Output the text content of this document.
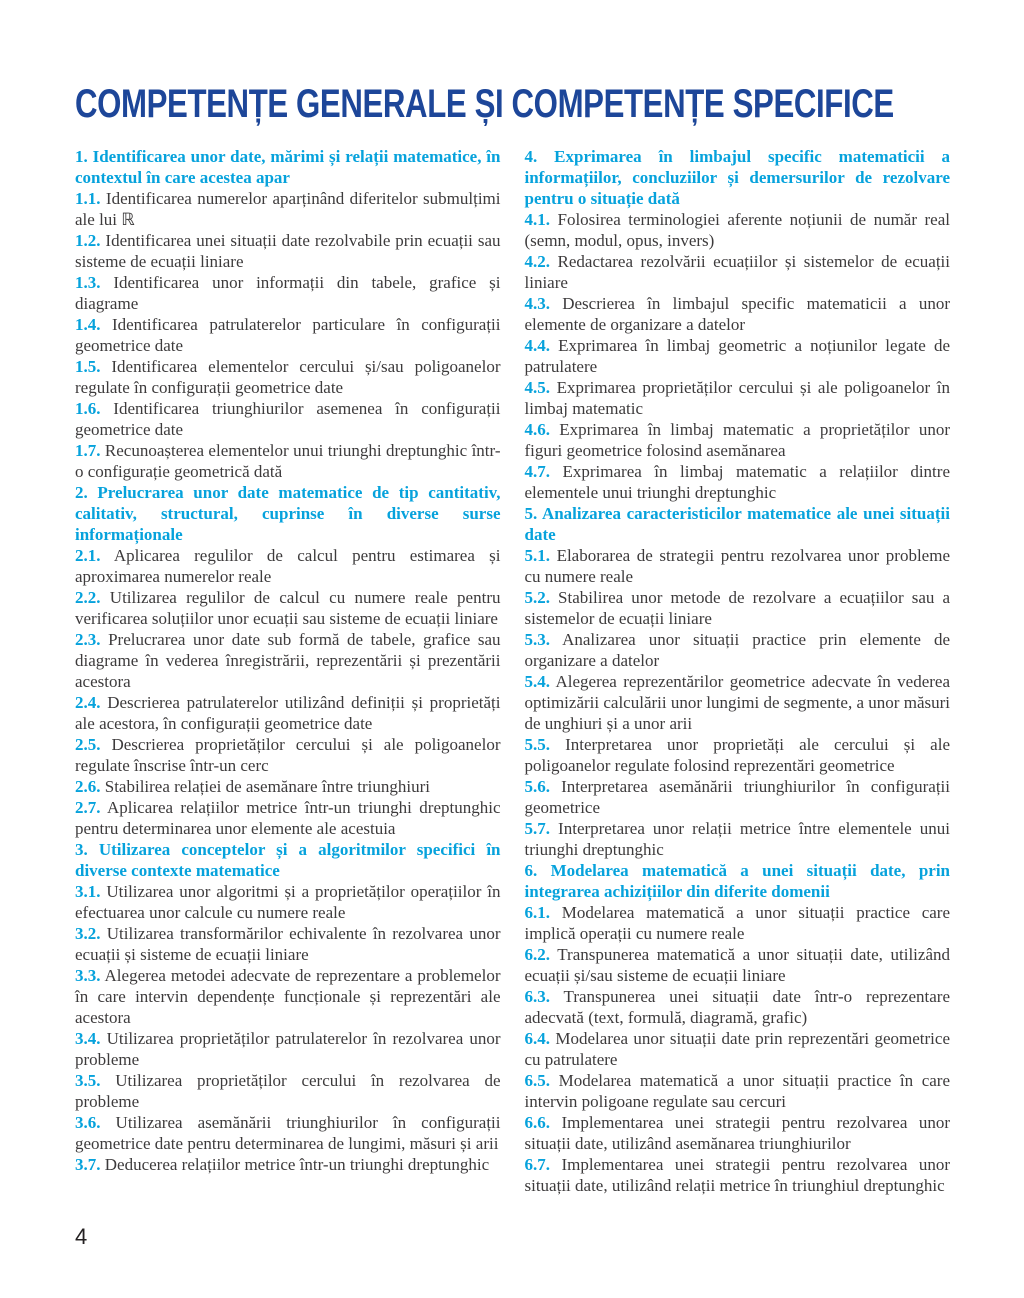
COMPETENȚE GENERALE ȘI COMPETENȚE SPECIFICE

1. Identificarea unor date, mărimi și relații matematice, în contextul în care acestea apar

1.1. Identificarea numerelor aparținând diferitelor submulțimi ale lui ℝ

1.2. Identificarea unei situații date rezolvabile prin ecuații sau sisteme de ecuații liniare

1.3. Identificarea unor informații din tabele, grafice și diagrame

1.4. Identificarea patrulaterelor particulare în configurații geometrice date

1.5. Identificarea elementelor cercului și/sau poligoanelor regulate în configurații geometrice date

1.6. Identificarea triunghiurilor asemenea în configurații geometrice date

1.7. Recunoașterea elementelor unui triunghi dreptunghic într-o configurație geometrică dată

2. Prelucrarea unor date matematice de tip cantitativ, calitativ, structural, cuprinse în diverse surse informaționale

2.1. Aplicarea regulilor de calcul pentru estimarea și aproximarea numerelor reale

2.2. Utilizarea regulilor de calcul cu numere reale pentru verificarea soluțiilor unor ecuații sau sisteme de ecuații liniare

2.3. Prelucrarea unor date sub formă de tabele, grafice sau diagrame în vederea înregistrării, reprezentării și prezentării acestora

2.4. Descrierea patrulaterelor utilizând definiții și proprietăți ale acestora, în configurații geometrice date

2.5. Descrierea proprietăților cercului și ale poligoanelor regulate înscrise într-un cerc

2.6. Stabilirea relației de asemănare între triunghiuri

2.7. Aplicarea relațiilor metrice într-un triunghi dreptunghic pentru determinarea unor elemente ale acestuia

3. Utilizarea conceptelor și a algoritmilor specifici în diverse contexte matematice

3.1. Utilizarea unor algoritmi și a proprietăților operațiilor în efectuarea unor calcule cu numere reale

3.2. Utilizarea transformărilor echivalente în rezolvarea unor ecuații și sisteme de ecuații liniare

3.3. Alegerea metodei adecvate de reprezentare a problemelor în care intervin dependențe funcționale și reprezentări ale acestora

3.4. Utilizarea proprietăților patrulaterelor în rezolvarea unor probleme

3.5. Utilizarea proprietăților cercului în rezolvarea de probleme

3.6. Utilizarea asemănării triunghiurilor în configurații geometrice date pentru determinarea de lungimi, măsuri și arii

3.7. Deducerea relațiilor metrice într-un triunghi dreptunghic

4. Exprimarea în limbajul specific matematicii a informațiilor, concluziilor și demersurilor de rezolvare pentru o situație dată

4.1. Folosirea terminologiei aferente noțiunii de număr real (semn, modul, opus, invers)

4.2. Redactarea rezolvării ecuațiilor și sistemelor de ecuații liniare

4.3. Descrierea în limbajul specific matematicii a unor elemente de organizare a datelor

4.4. Exprimarea în limbaj geometric a noțiunilor legate de patrulatere

4.5. Exprimarea proprietăților cercului și ale poligoanelor în limbaj matematic

4.6. Exprimarea în limbaj matematic a proprietăților unor figuri geometrice folosind asemănarea

4.7. Exprimarea în limbaj matematic a relațiilor dintre elementele unui triunghi dreptunghic

5. Analizarea caracteristicilor matematice ale unei situații date

5.1. Elaborarea de strategii pentru rezolvarea unor probleme cu numere reale

5.2. Stabilirea unor metode de rezolvare a ecuațiilor sau a sistemelor de ecuații liniare

5.3. Analizarea unor situații practice prin elemente de organizare a datelor

5.4. Alegerea reprezentărilor geometrice adecvate în vederea optimizării calculării unor lungimi de segmente, a unor măsuri de unghiuri și a unor arii

5.5. Interpretarea unor proprietăți ale cercului și ale poligoanelor regulate folosind reprezentări geometrice

5.6. Interpretarea asemănării triunghiurilor în configurații geometrice

5.7. Interpretarea unor relații metrice între elementele unui triunghi dreptunghic

6. Modelarea matematică a unei situații date, prin integrarea achizițiilor din diferite domenii

6.1. Modelarea matematică a unor situații practice care implică operații cu numere reale

6.2. Transpunerea matematică a unor situații date, utilizând ecuații și/sau sisteme de ecuații liniare

6.3. Transpunerea unei situații date într-o reprezentare adecvată (text, formulă, diagramă, grafic)

6.4. Modelarea unor situații date prin reprezentări geometrice cu patrulatere

6.5. Modelarea matematică a unor situații practice în care intervin poligoane regulate sau cercuri

6.6. Implementarea unei strategii pentru rezolvarea unor situații date, utilizând asemănarea triunghiurilor

6.7. Implementarea unei strategii pentru rezolvarea unor situații date, utilizând relații metrice în triunghiul dreptunghic

4
